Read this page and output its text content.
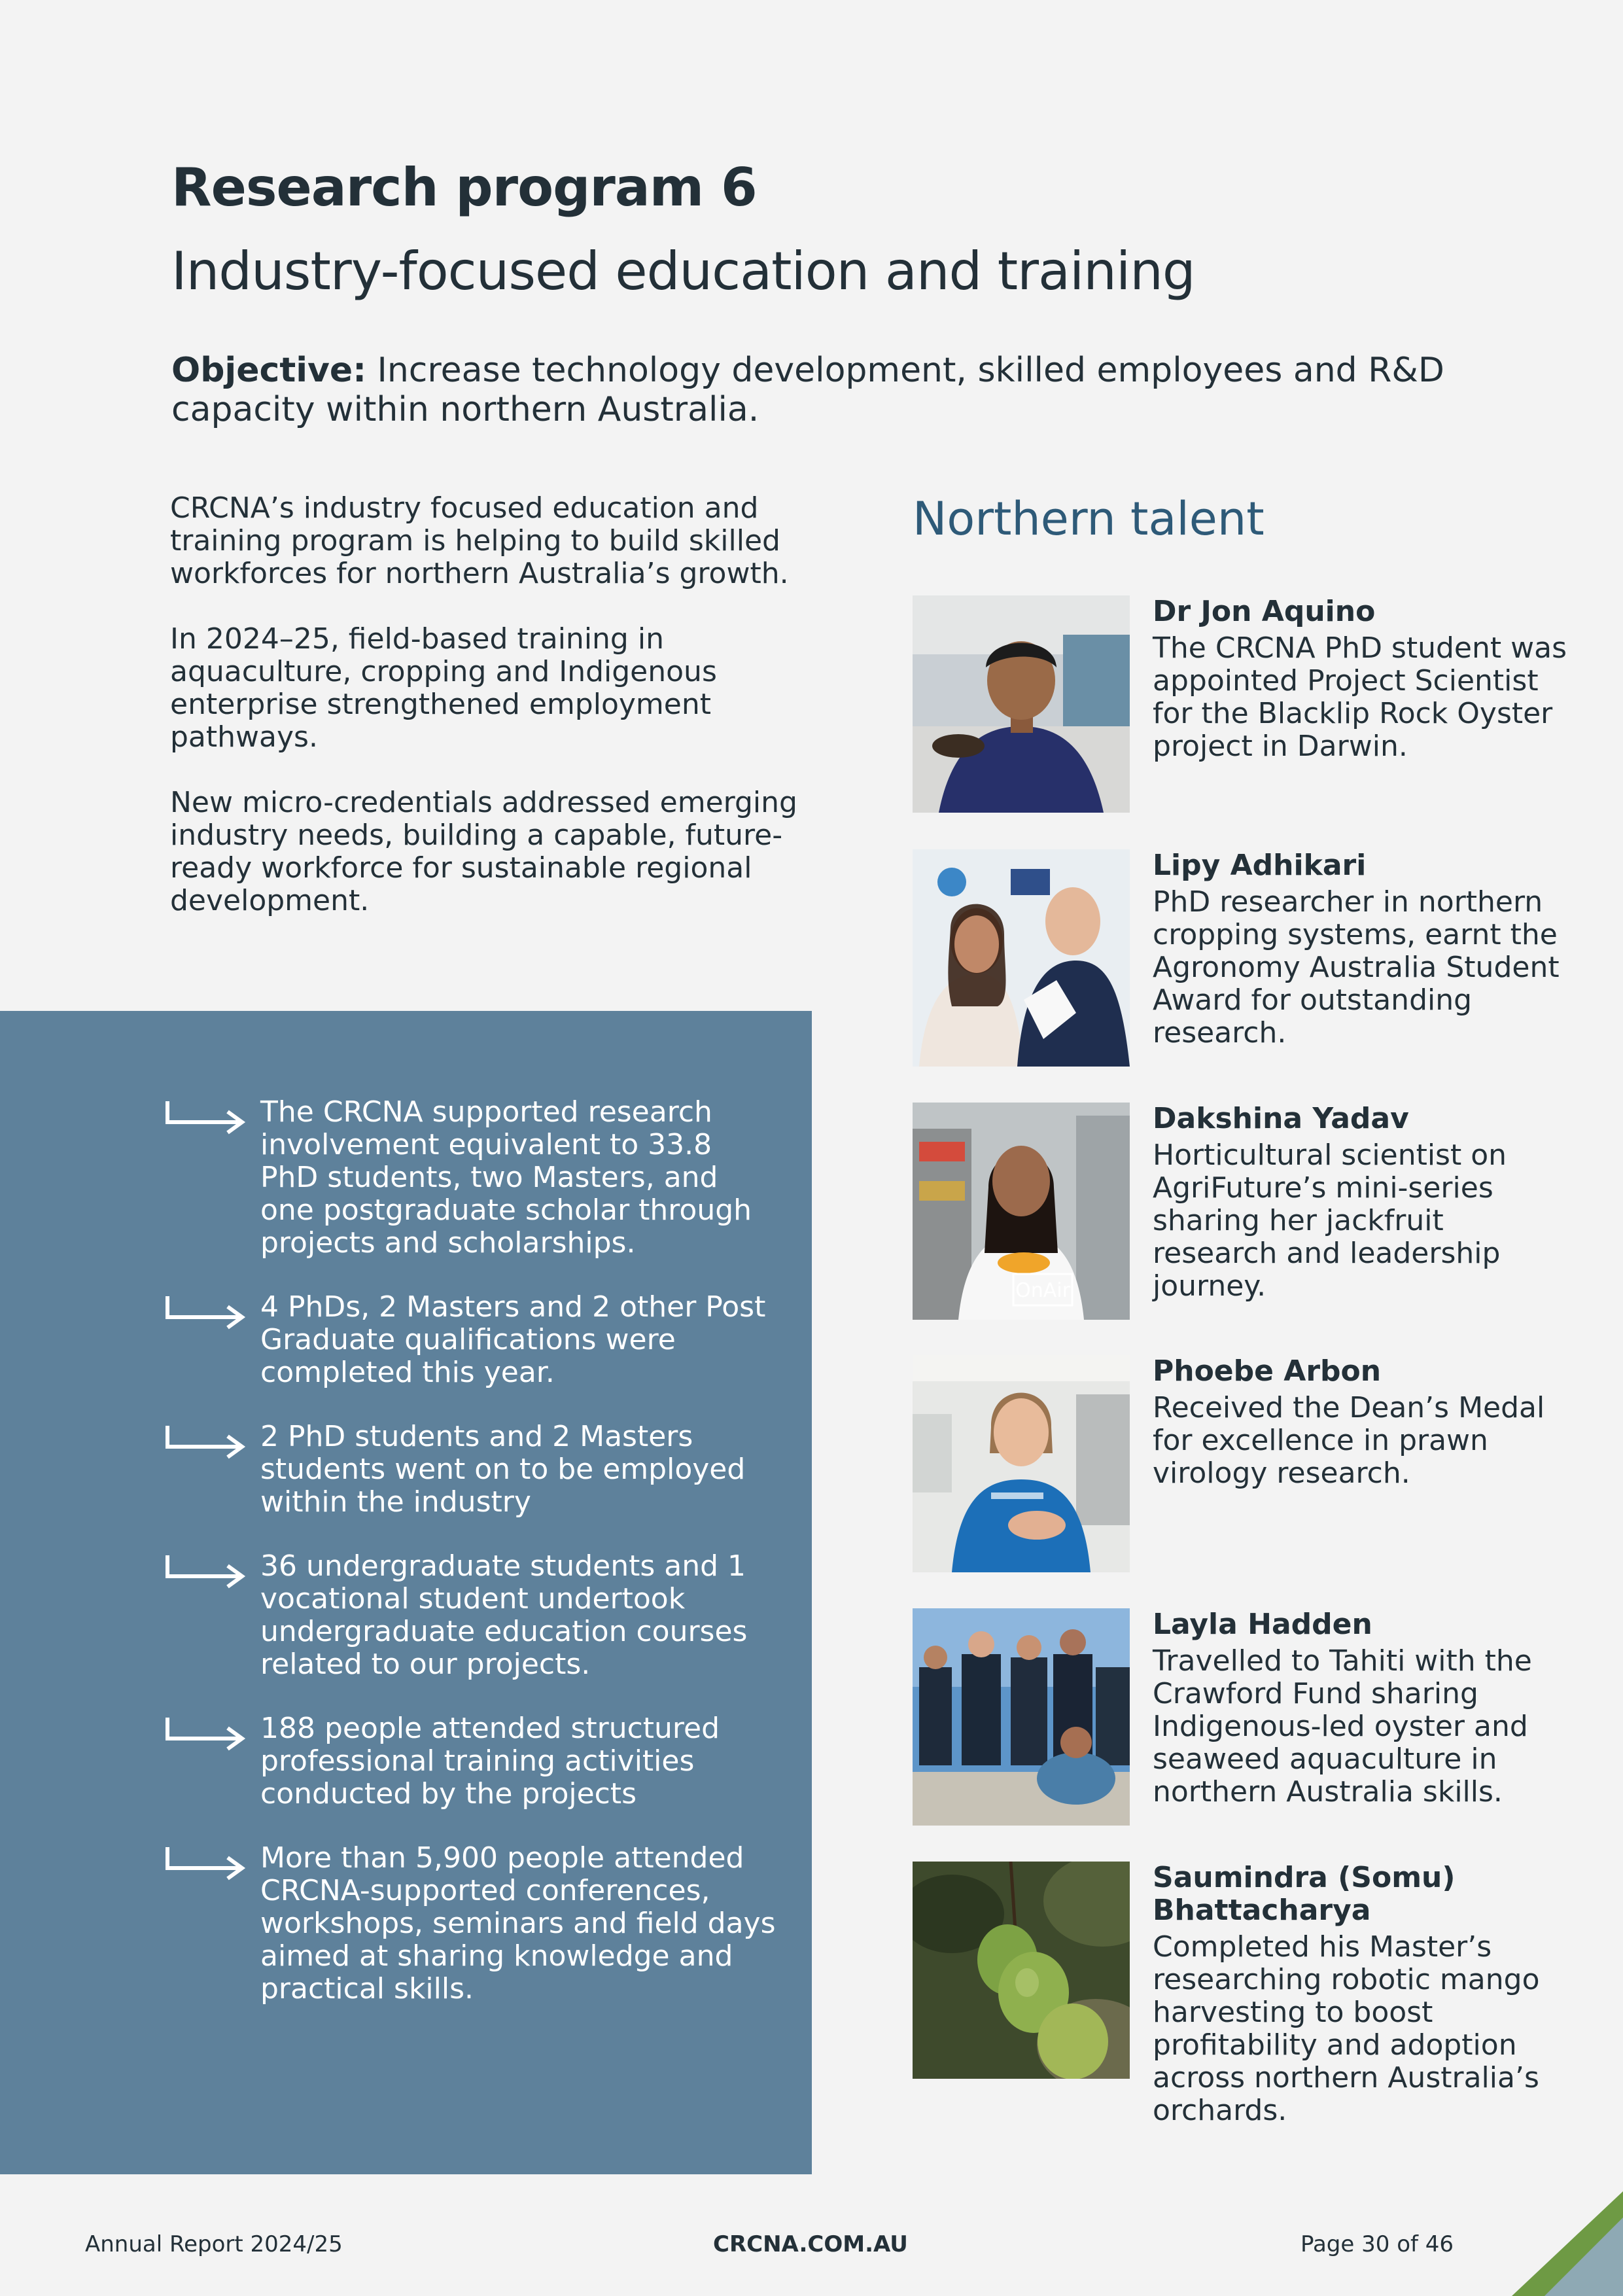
Research program 6
Industry-focused education and training
Objective: Increase technology development, skilled employees and R&D capacity within northern Australia.

CRCNA’s industry focused education and training program is helping to build skilled workforces for northern Australia’s growth.

In 2024–25, field-based training in aquaculture, cropping and Indigenous enterprise strengthened employment pathways.

New micro-credentials addressed emerging industry needs, building a capable, future-ready workforce for sustainable regional development.

The CRCNA supported research involvement equivalent to 33.8 PhD students, two Masters, and one postgraduate scholar through projects and scholarships.
4 PhDs, 2 Masters and 2 other Post Graduate qualifications were completed this year.
2 PhD students and 2 Masters students went on to be employed within the industry
36 undergraduate students and 1 vocational student undertook undergraduate education courses related to our projects.
188 people attended structured professional training activities conducted by the projects
More than 5,900 people attended CRCNA-supported conferences, workshops, seminars and field days aimed at sharing knowledge and practical skills.
Northern talent
Dr Jon Aquino
The CRCNA PhD student was appointed Project Scientist for the Blacklip Rock Oyster project in Darwin.
Lipy Adhikari
PhD researcher in northern cropping systems, earnt the Agronomy Australia Student Award for outstanding research.
OnAir
Dakshina Yadav
Horticultural scientist on AgriFuture’s mini-series sharing her jackfruit research and leadership journey.
Phoebe Arbon
Received the Dean’s Medal for excellence in prawn virology research.
Layla Hadden
Travelled to Tahiti with the Crawford Fund sharing Indigenous-led oyster and seaweed aquaculture in northern Australia skills.
Saumindra (Somu) Bhattacharya
Completed his Master’s researching robotic mango harvesting to boost profitability and adoption across northern Australia’s orchards.
Annual Report 2024/25	CRCNA.COM.AU	Page 30 of 46
